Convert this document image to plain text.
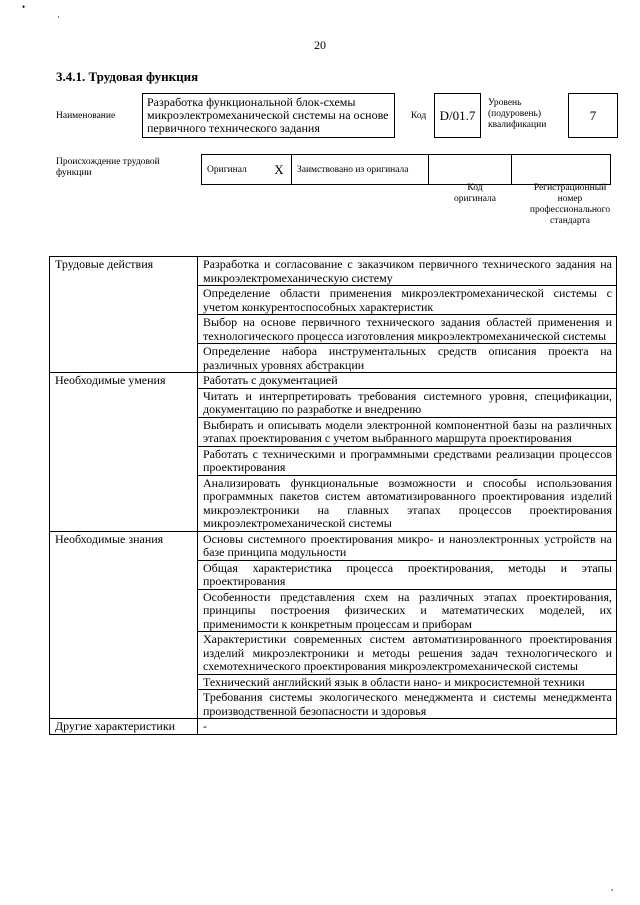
•
·
,
20
3.4.1. Трудовая функция
Наименование
Разработка функциональной блок-схемы микроэлектромеханической системы на основе первичного технического задания
Код D/01.7
Уровень
(подуровень)
квалификации
7
Происхождение трудовой функции	Оригинал	X	Заимствовано из оригинала		
Код
оригинала
Регистрационный
номер
профессионального
стандарта
Трудовые действия	Разработка и согласование с заказчиком первичного технического задания на микроэлектромеханическую систему
	Определение области применения микроэлектромеханической системы с учетом конкурентоспособных характеристик
	Выбор на основе первичного технического задания областей применения и технологического процесса изготовления микроэлектромеханической системы
	Определение набора инструментальных средств описания проекта на различных уровнях абстракции
Необходимые умения	Работать с документацией
	Читать и интерпретировать требования системного уровня, спецификации, документацию по разработке и внедрению
	Выбирать и описывать модели электронной компонентной базы на различных этапах проектирования с учетом выбранного маршрута проектирования
	Работать с техническими и программными средствами реализации процессов проектирования
	Анализировать функциональные возможности и способы использования программных пакетов систем автоматизированного проектирования изделий микроэлектроники на главных этапах процессов проектирования микроэлектромеханической системы
Необходимые знания	Основы системного проектирования микро- и наноэлектронных устройств на базе принципа модульности
	Общая характеристика процесса проектирования, методы и этапы проектирования
	Особенности представления схем на различных этапах проектирования, принципы построения физических и математических моделей, их применимости к конкретным процессам и приборам
	Характеристики современных систем автоматизированного проектирования изделий микроэлектроники и методы решения задач технологического и схемотехнического проектирования микроэлектромеханической системы
	Технический английский язык в области нано- и микросистемной техники
	Требования системы экологического менеджмента и системы менеджмента производственной безопасности и здоровья
Другие характеристики	-
